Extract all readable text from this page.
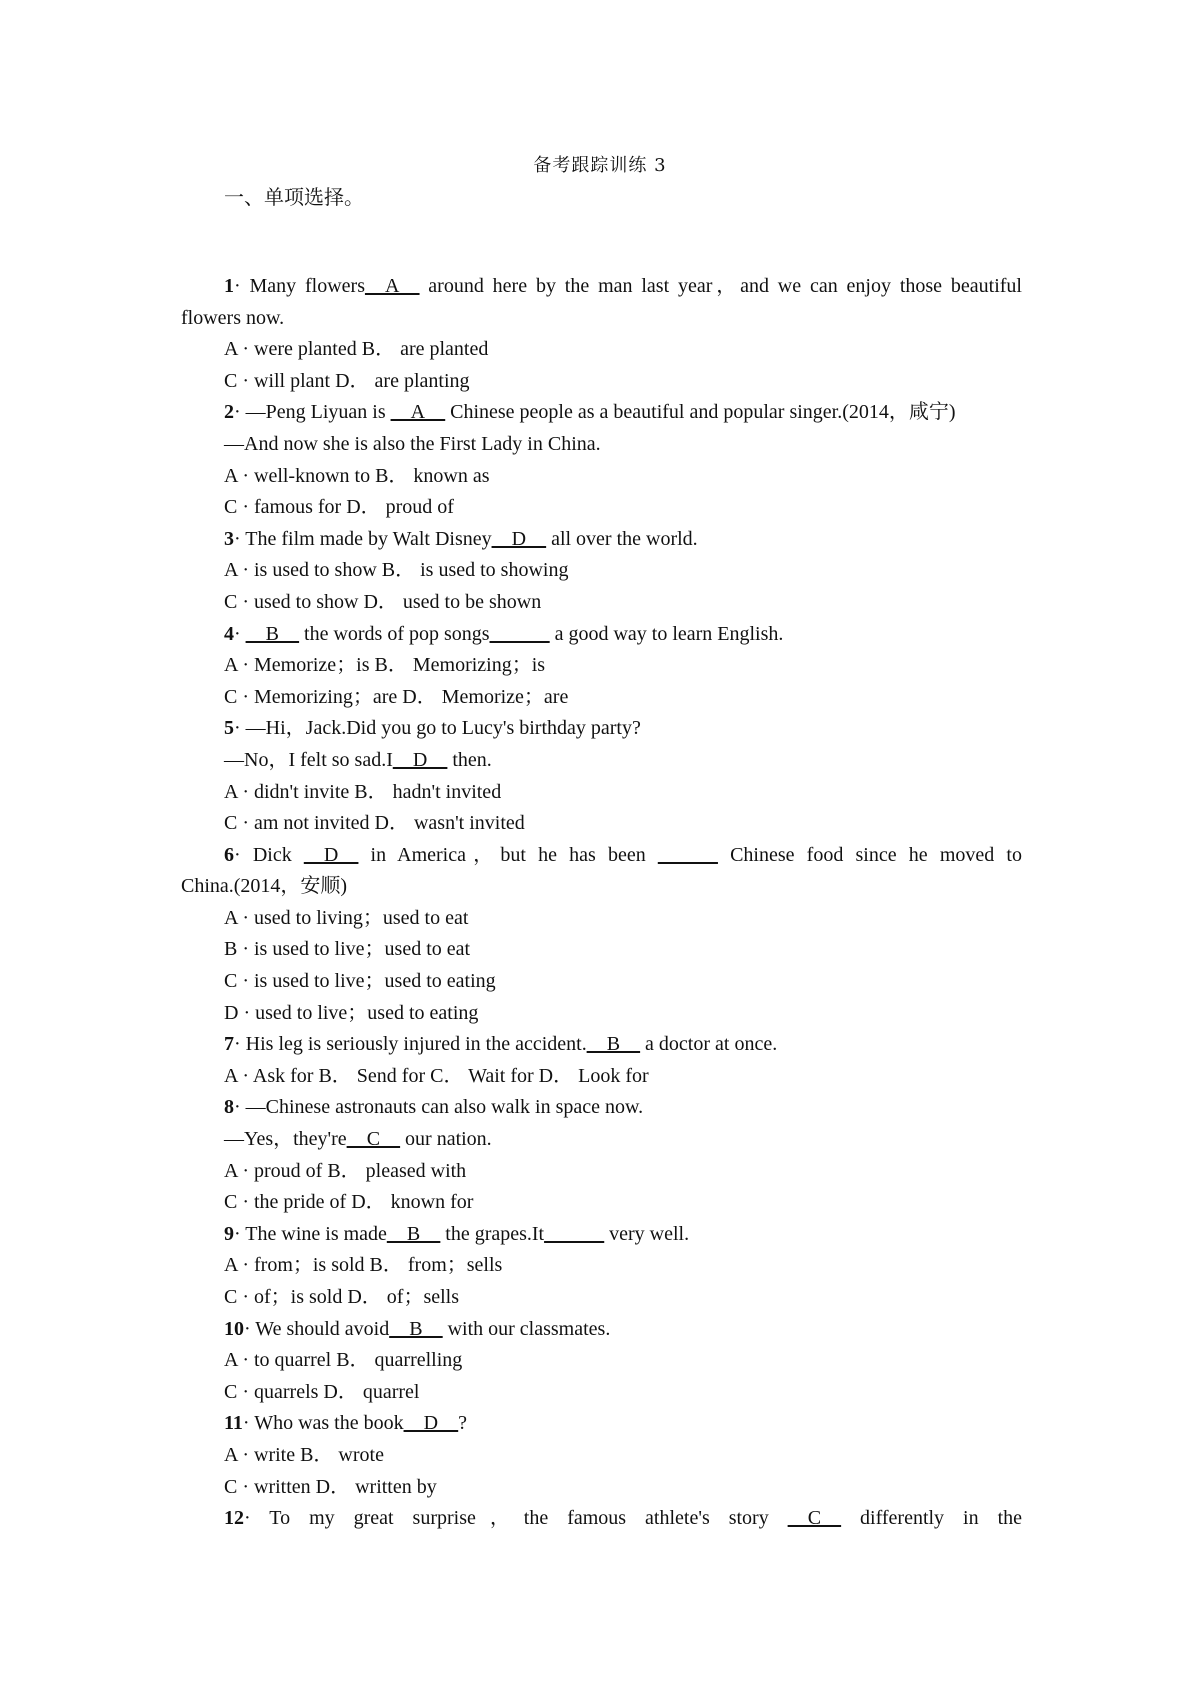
备考跟踪训练 3
一、单项选择。
1· Many flowers__A__ around here by the man last year，and we can enjoy those beautiful
flowers now.
A · were planted B． are planted
C · will plant D． are planting
2· —Peng Liyuan is __A__ Chinese people as a beautiful and popular singer.(2014，咸宁)
—And now she is also the First Lady in China.
A · well-known to B． known as
C · famous for D． proud of
3· The film made by Walt Disney__D__ all over the world.
A · is used to show B． is used to showing
C · used to show D． used to be shown
4· __B__ the words of pop songs______ a good way to learn English.
A · Memorize；is B． Memorizing；is
C · Memorizing；are D． Memorize；are
5· —Hi，Jack.Did you go to Lucy's birthday party?
—No，I felt so sad.I__D__ then.
A · didn't invite B． hadn't invited
C · am not invited D． wasn't invited
6· Dick __D__ in America，but he has been ______ Chinese food since he moved to
China.(2014，安顺)
A · used to living；used to eat
B · is used to live；used to eat
C · is used to live；used to eating
D · used to live；used to eating
7· His leg is seriously injured in the accident.__B__ a doctor at once.
A · Ask for B． Send for C． Wait for D． Look for
8· —Chinese astronauts can also walk in space now.
—Yes，they're__C__ our nation.
A · proud of B． pleased with
C · the pride of D． known for
9· The wine is made__B__ the grapes.It______ very well.
A · from；is sold B． from；sells
C · of；is sold D． of；sells
10· We should avoid__B__ with our classmates.
A · to quarrel B． quarrelling
C · quarrels D． quarrel
11· Who was the book__D__?
A · write B． wrote
C · written D． written by
12· To my great surprise，the famous athlete's story __C__ differently in the
